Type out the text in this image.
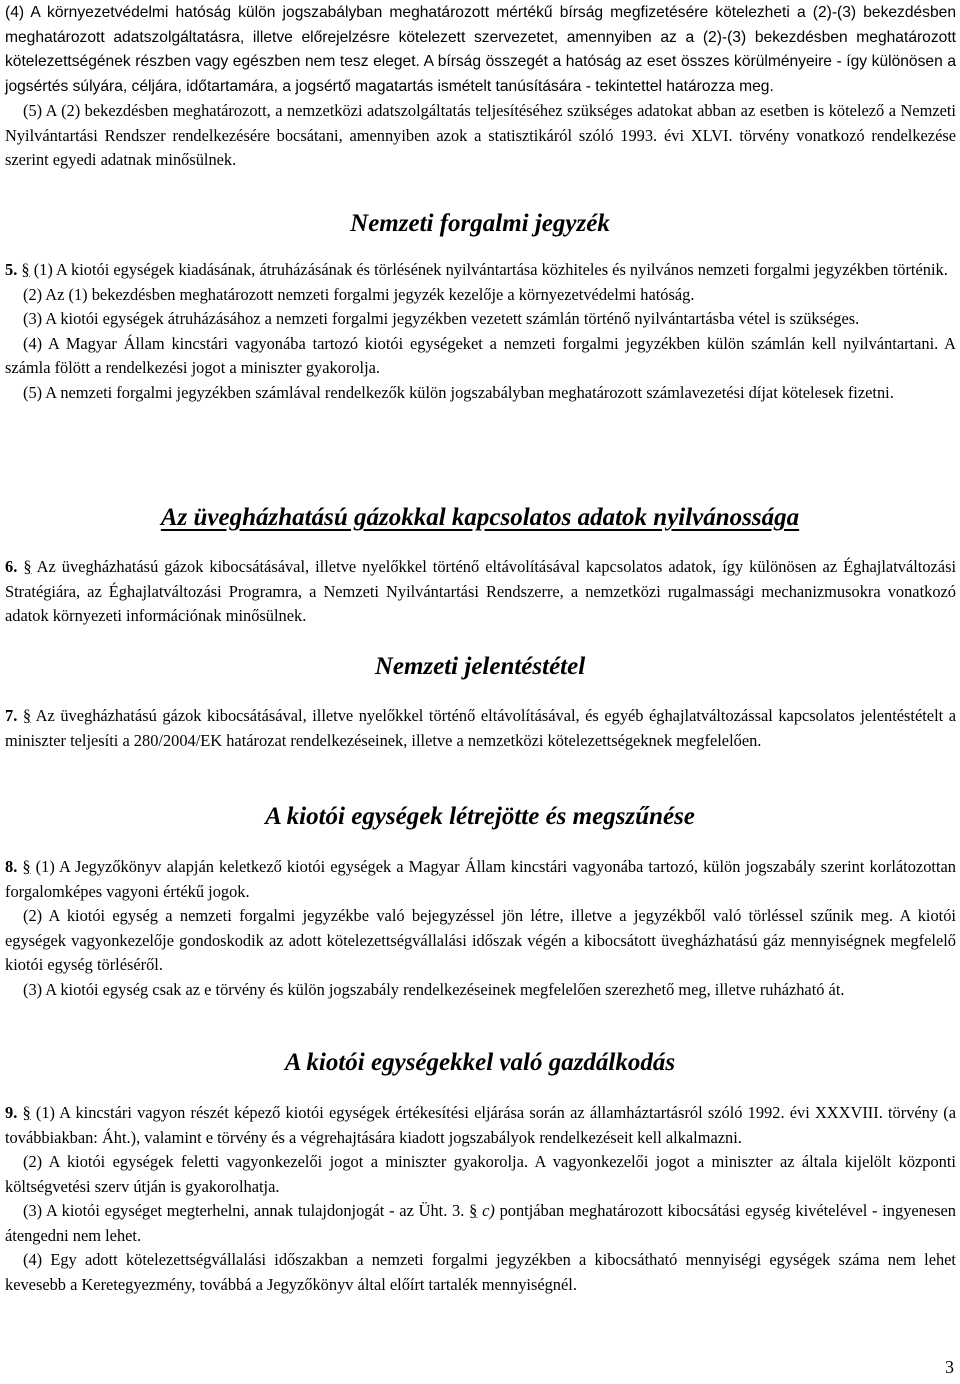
(4) A környezetvédelmi hatóság külön jogszabályban meghatározott mértékű bírság megfizetésére kötelezheti a (2)-(3) bekezdésben meghatározott adatszolgáltatásra, illetve előrejelzésre kötelezett szervezetet, amennyiben az a (2)-(3) bekezdésben meghatározott kötelezettségének részben vagy egészben nem tesz eleget. A bírság összegét a hatóság az eset összes körülményeire - így különösen a jogsértés súlyára, céljára, időtartamára, a jogsértő magatartás ismételt tanúsítására - tekintettel határozza meg.

(5) A (2) bekezdésben meghatározott, a nemzetközi adatszolgáltatás teljesítéséhez szükséges adatokat abban az esetben is kötelező a Nemzeti Nyilvántartási Rendszer rendelkezésére bocsátani, amennyiben azok a statisztikáról szóló 1993. évi XLVI. törvény vonatkozó rendelkezése szerint egyedi adatnak minősülnek.

Nemzeti forgalmi jegyzék

5. § (1) A kiotói egységek kiadásának, átruházásának és törlésének nyilvántartása közhiteles és nyilvános nemzeti forgalmi jegyzékben történik.

(2) Az (1) bekezdésben meghatározott nemzeti forgalmi jegyzék kezelője a környezetvédelmi hatóság.

(3) A kiotói egységek átruházásához a nemzeti forgalmi jegyzékben vezetett számlán történő nyilvántartásba vétel is szükséges.

(4) A Magyar Állam kincstári vagyonába tartozó kiotói egységeket a nemzeti forgalmi jegyzékben külön számlán kell nyilvántartani. A számla fölött a rendelkezési jogot a miniszter gyakorolja.

(5) A nemzeti forgalmi jegyzékben számlával rendelkezők külön jogszabályban meghatározott számlavezetési díjat kötelesek fizetni.

Az üvegházhatású gázokkal kapcsolatos adatok nyilvánossága

6. § Az üvegházhatású gázok kibocsátásával, illetve nyelőkkel történő eltávolításával kapcsolatos adatok, így különösen az Éghajlatváltozási Stratégiára, az Éghajlatváltozási Programra, a Nemzeti Nyilvántartási Rendszerre, a nemzetközi rugalmassági mechanizmusokra vonatkozó adatok környezeti információnak minősülnek.

Nemzeti jelentéstétel

7. § Az üvegházhatású gázok kibocsátásával, illetve nyelőkkel történő eltávolításával, és egyéb éghajlatváltozással kapcsolatos jelentéstételt a miniszter teljesíti a 280/2004/EK határozat rendelkezéseinek, illetve a nemzetközi kötelezettségeknek megfelelően.

A kiotói egységek létrejötte és megszűnése

8. § (1) A Jegyzőkönyv alapján keletkező kiotói egységek a Magyar Állam kincstári vagyonába tartozó, külön jogszabály szerint korlátozottan forgalomképes vagyoni értékű jogok.

(2) A kiotói egység a nemzeti forgalmi jegyzékbe való bejegyzéssel jön létre, illetve a jegyzékből való törléssel szűnik meg. A kiotói egységek vagyonkezelője gondoskodik az adott kötelezettségvállalási időszak végén a kibocsátott üvegházhatású gáz mennyiségnek megfelelő kiotói egység törléséről.

(3) A kiotói egység csak az e törvény és külön jogszabály rendelkezéseinek megfelelően szerezhető meg, illetve ruházható át.

A kiotói egységekkel való gazdálkodás

9. § (1) A kincstári vagyon részét képező kiotói egységek értékesítési eljárása során az államháztartásról szóló 1992. évi XXXVIII. törvény (a továbbiakban: Áht.), valamint e törvény és a végrehajtására kiadott jogszabályok rendelkezéseit kell alkalmazni.

(2) A kiotói egységek feletti vagyonkezelői jogot a miniszter gyakorolja. A vagyonkezelői jogot a miniszter az általa kijelölt központi költségvetési szerv útján is gyakorolhatja.

(3) A kiotói egységet megterhelni, annak tulajdonjogát - az Üht. 3. § c) pontjában meghatározott kibocsátási egység kivételével - ingyenesen átengedni nem lehet.

(4) Egy adott kötelezettségvállalási időszakban a nemzeti forgalmi jegyzékben a kibocsátható mennyiségi egységek száma nem lehet kevesebb a Keretegyezmény, továbbá a Jegyzőkönyv által előírt tartalék mennyiségnél.

3
